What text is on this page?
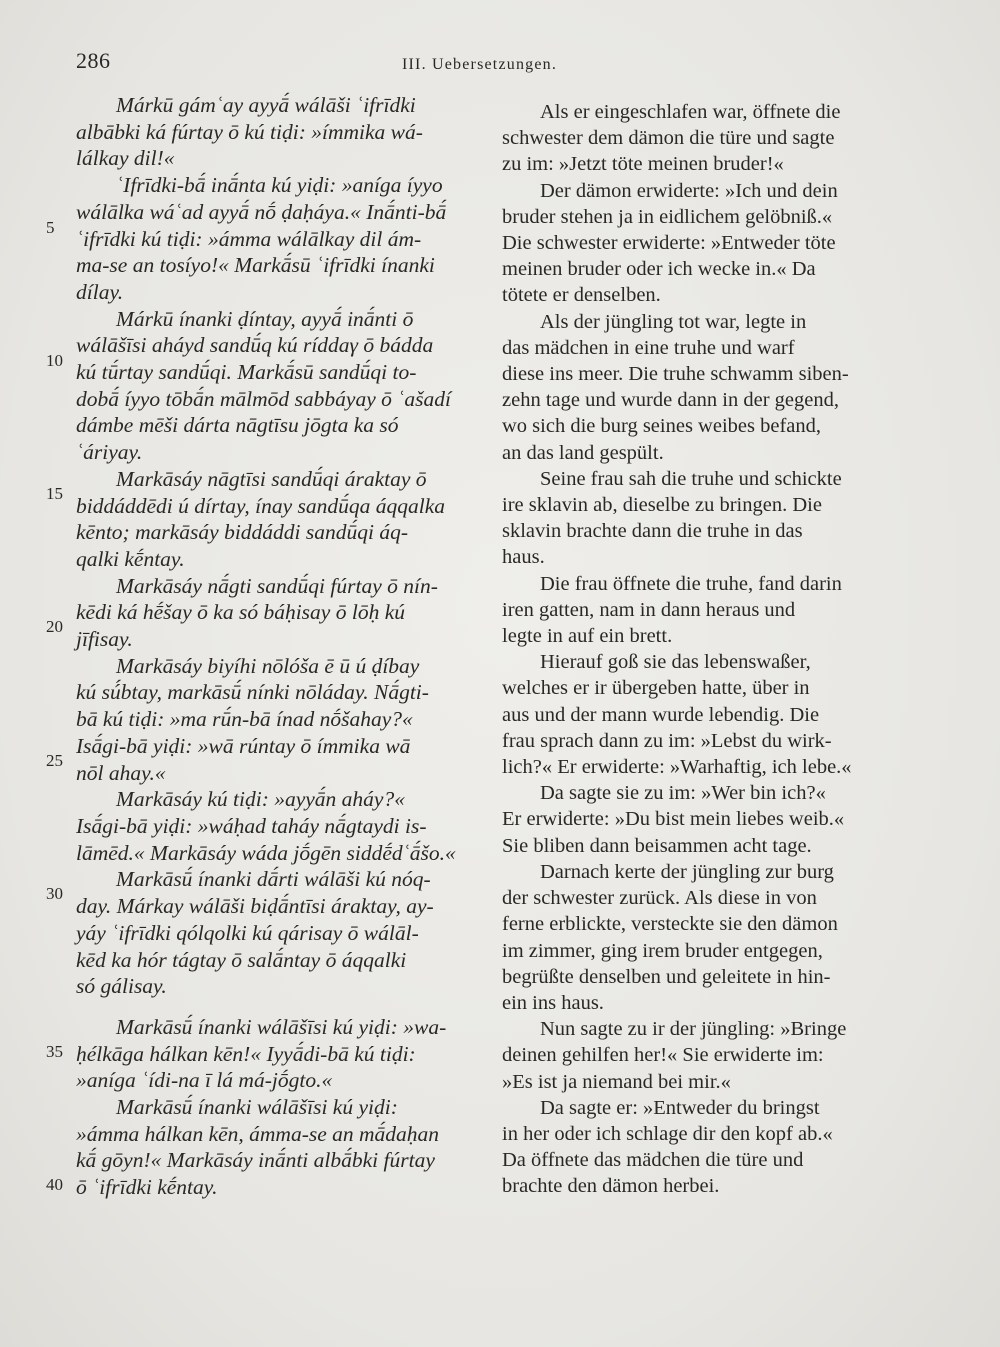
286	III. Uebersetzungen.
5
10
15
20
25
30
35
40
Márkū gámʿay ayyā́ wálāši ʿifrīdki
albābki ká fúrtay ō kú tiḍi: »ímmika wá-
lálkay dil!«
ʿIfrīdki-bā́ inā́nta kú yiḍi: »aníga íyyo
wálālka wáʿad ayyā́ nṓ ḍaḥáya.« Inā́nti-bā́
ʿifrīdki kú tiḍi: »ámma wálālkay dil ám-
ma-se an tosíyo!« Markā́sū ʿifrīdki ínanki
dílay.
Márkū ínanki ḍíntay, ayyā́ inā́nti ō
wálāšīsi aháyd sandū́q kú ríddaγ ō bádda
kú tū́rtay sandū́qi. Markā́sū sandū́qi to-
dobā́ íyyo tōbā́n mālmōd sabbáyay ō ʿašadí
dámbe mēši dárta nāgtīsu jōgta ka só
ʿáriyay.
Markāsáy nāgtīsi sandū́qi áraktay ō
biddáddēdi ú dírtay, ínay sandū́qa áqqalka
kēnto; markāsáy biddáddi sandū́qi áq-
qalki kḗntay.
Markāsáy nā́gti sandū́qi fúrtay ō nín-
kēdi ká hḗšay ō ka só báḥisay ō lōḥ kú
jīfisay.
Markāsáy biyíhi nōlóša ē ū ú ḍíbay
kú sú́btay, markāsū́ nínki nōláday. Nā́gti-
bā kú tiḍi: »ma rū́n-bā ínad nṓšahay?«
Isā́gi-bā yiḍi: »wā rúntay ō ímmika wā
nōl ahay.«
Markāsáy kú tiḍi: »ayyā́n aháy?«
Isā́gi-bā yiḍi: »wáḥad taháy nā́gtaydi is-
lāmēd.« Markāsáy wáda jṓgēn siddḗdʿā́šo.«
Markāsū́ ínanki dā́rti wálāši kú nóq-
day. Márkay wálāši biḍā́ntīsi áraktay, ay-
yáy ʿifrīdki qólqolki kú qárisay ō wálāl-
kēd ka hór tágtay ō salā́ntay ō áqqalki
só gálisay.
Markāsū́ ínanki wálāšīsi kú yiḍi: »wa-
ḥélkāga hálkan kēn!« Iyyā́di-bā kú tiḍi:
»aníga ʿídi-na ī lá má-jṓgto.«
Markāsū́ ínanki wálāšīsi kú yiḍi:
»ámma hálkan kēn, ámma-se an mā́daḥan
kā́ gōyn!« Markāsáy inā́nti albā́bki fúrtay
ō ʿifrīdki kḗntay.
Als er eingeschlafen war, öffnete die
schwester dem dämon die türe und sagte
zu im: »Jetzt töte meinen bruder!«
Der dämon erwiderte: »Ich und dein
bruder stehen ja in eidlichem gelöbniß.«
Die schwester erwiderte: »Entweder töte
meinen bruder oder ich wecke in.« Da
tötete er denselben.
Als der jüngling tot war, legte in
das mädchen in eine truhe und warf
diese ins meer. Die truhe schwamm siben-
zehn tage und wurde dann in der gegend,
wo sich die burg seines weibes befand,
an das land gespült.
Seine frau sah die truhe und schickte
ire sklavin ab, dieselbe zu bringen. Die
sklavin brachte dann die truhe in das
haus.
Die frau öffnete die truhe, fand darin
iren gatten, nam in dann heraus und
legte in auf ein brett.
Hierauf goß sie das lebenswaßer,
welches er ir übergeben hatte, über in
aus und der mann wurde lebendig. Die
frau sprach dann zu im: »Lebst du wirk-
lich?« Er erwiderte: »Warhaftig, ich lebe.«
Da sagte sie zu im: »Wer bin ich?«
Er erwiderte: »Du bist mein liebes weib.«
Sie bliben dann beisammen acht tage.
Darnach kerte der jüngling zur burg
der schwester zurück. Als diese in von
ferne erblickte, versteckte sie den dämon
im zimmer, ging irem bruder entgegen,
begrüßte denselben und geleitete in hin-
ein ins haus.
Nun sagte zu ir der jüngling: »Bringe
deinen gehilfen her!« Sie erwiderte im:
»Es ist ja niemand bei mir.«
Da sagte er: »Entweder du bringst
in her oder ich schlage dir den kopf ab.«
Da öffnete das mädchen die türe und
brachte den dämon herbei.
